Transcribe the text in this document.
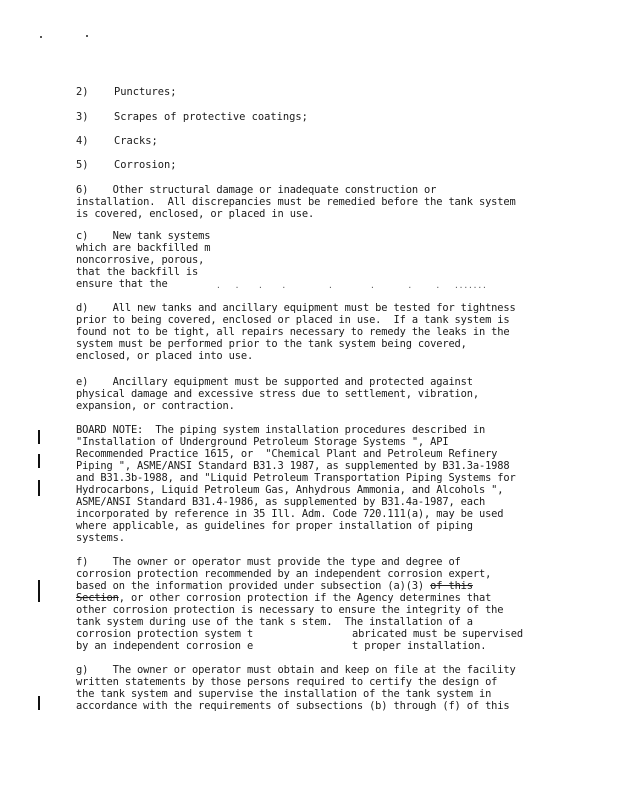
2) Punctures;
3) Scrapes of protective coatings;
4) Cracks;
5) Corrosion;
6)    Other structural damage or inadequate construction or
installation.  All discrepancies must be remedied before the tank system
is covered, enclosed, or placed in use.
c)    New tank systems
which are backfilled m
noncorrosive, porous,
that the backfill is
ensure that the	.   .    .    .         .        .       .     .   .......
d)    All new tanks and ancillary equipment must be tested for tightness
prior to being covered, enclosed or placed in use.  If a tank system is
found not to be tight, all repairs necessary to remedy the leaks in the
system must be performed prior to the tank system being covered,
enclosed, or placed into use.
e)    Ancillary equipment must be supported and protected against
physical damage and excessive stress due to settlement, vibration,
expansion, or contraction.
BOARD NOTE:  The piping system installation procedures described in
"Installation of Underground Petroleum Storage Systems ", API
Recommended Practice 1615, or  "Chemical Plant and Petroleum Refinery
Piping ", ASME/ANSI Standard B31.3 1987, as supplemented by B31.3a-1988
and B31.3b-1988, and "Liquid Petroleum Transportation Piping Systems for
Hydrocarbons, Liquid Petroleum Gas, Anhydrous Ammonia, and Alcohols ",
ASME/ANSI Standard B31.4-1986, as supplemented by B31.4a-1987, each
incorporated by reference in 35 Ill. Adm. Code 720.111(a), may be used
where applicable, as guidelines for proper installation of piping
systems.
f)    The owner or operator must provide the type and degree of
corrosion protection recommended by an independent corrosion expert,
based on the information provided under subsection (a)(3) of this
Section, or other corrosion protection if the Agency determines that
other corrosion protection is necessary to ensure the integrity of the
tank system during use of the tank s stem.  The installation of a
corrosion protection system t	abricated must be supervised
by an independent corrosion e	t proper installation.
g)    The owner or operator must obtain and keep on file at the facility
written statements by those persons required to certify the design of
the tank system and supervise the installation of the tank system in
accordance with the requirements of subsections (b) through (f) of this
